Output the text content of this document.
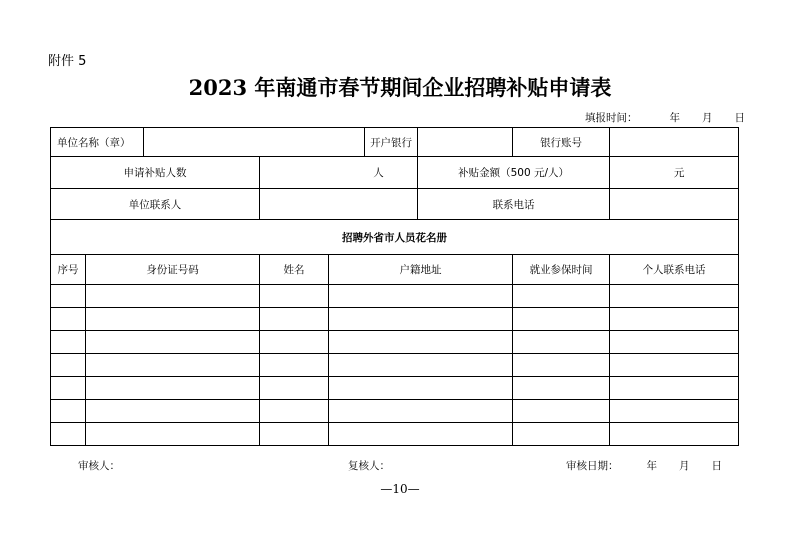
附件 5
2023 年南通市春节期间企业招聘补贴申请表
填报时间：	年 月 日
单位名称（章）					开户银行		银行账号	
申请补贴人数			人			补贴金额（500 元/人）		元
单位联系人						联系电话		
招聘外省市人员花名册								
序号	身份证号码		姓名	户籍地址			就业参保时间	个人联系电话

审核人：	复核人：	审核日期：	年 月 日
—10—
